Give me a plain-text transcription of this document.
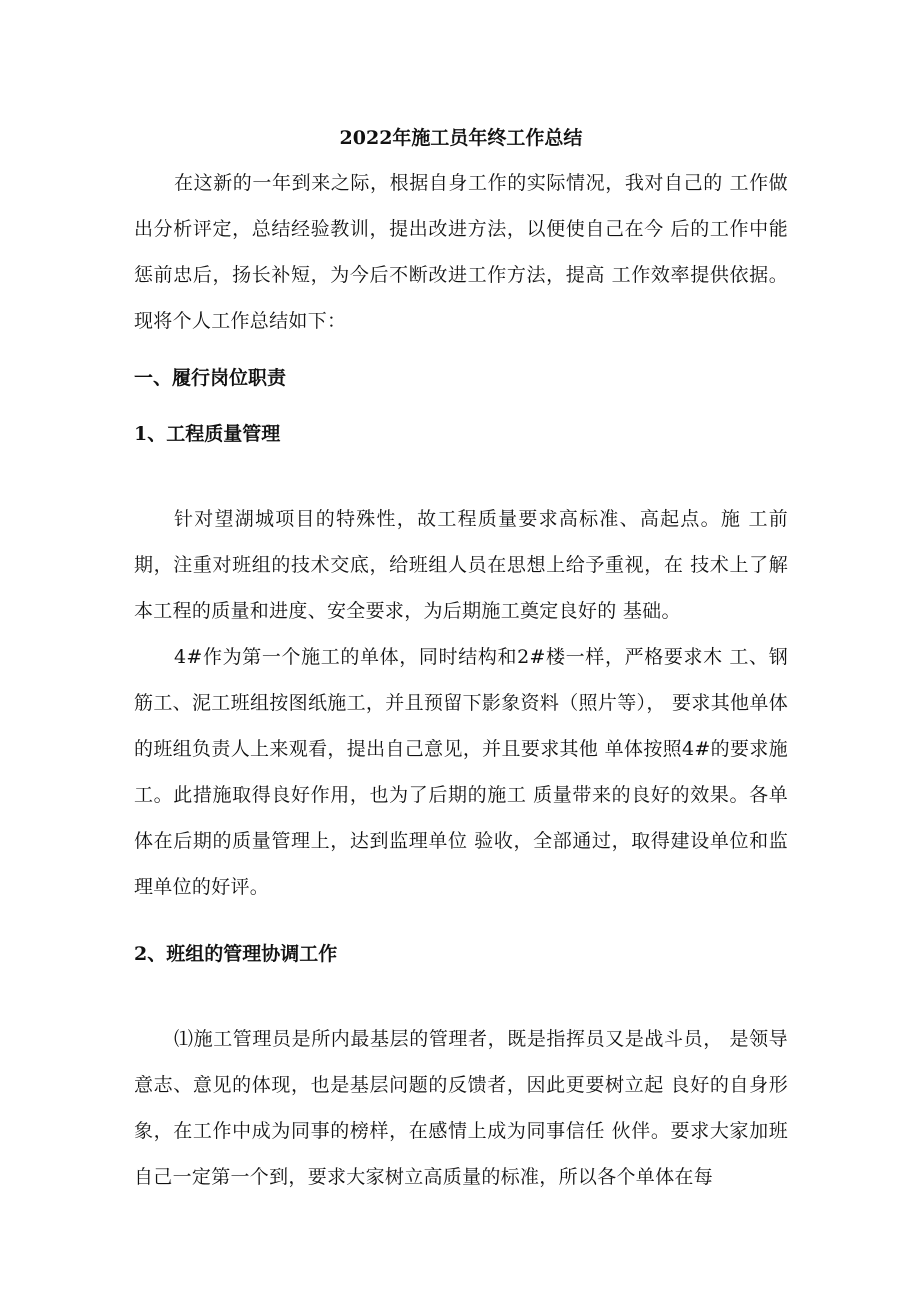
2022年施工员年终工作总结

在这新的一年到来之际，根据自身工作的实际情况，我对自己的 工作做出分析评定，总结经验教训，提出改进方法，以便使自己在今 后的工作中能惩前忠后，扬长补短，为今后不断改进工作方法，提高 工作效率提供依据。现将个人工作总结如下：

一、履行岗位职责
1、工程质量管理

针对望湖城项目的特殊性，故工程质量要求高标准、高起点。施 工前期，注重对班组的技术交底，给班组人员在思想上给予重视，在 技术上了解本工程的质量和进度、安全要求，为后期施工奠定良好的 基础。

4#作为第一个施工的单体，同时结构和2#楼一样，严格要求木 工、钢筋工、泥工班组按图纸施工，并且预留下影象资料（照片等）， 要求其他单体的班组负责人上来观看，提出自己意见，并且要求其他 单体按照4#的要求施工。此措施取得良好作用，也为了后期的施工 质量带来的良好的效果。各单体在后期的质量管理上，达到监理单位 验收，全部通过，取得建设单位和监理单位的好评。

2、班组的管理协调工作

⑴施工管理员是所内最基层的管理者，既是指挥员又是战斗员， 是领导意志、意见的体现，也是基层问题的反馈者，因此更要树立起 良好的自身形象，在工作中成为同事的榜样，在感情上成为同事信任 伙伴。要求大家加班自己一定第一个到，要求大家树立高质量的标准，所以各个单体在每
